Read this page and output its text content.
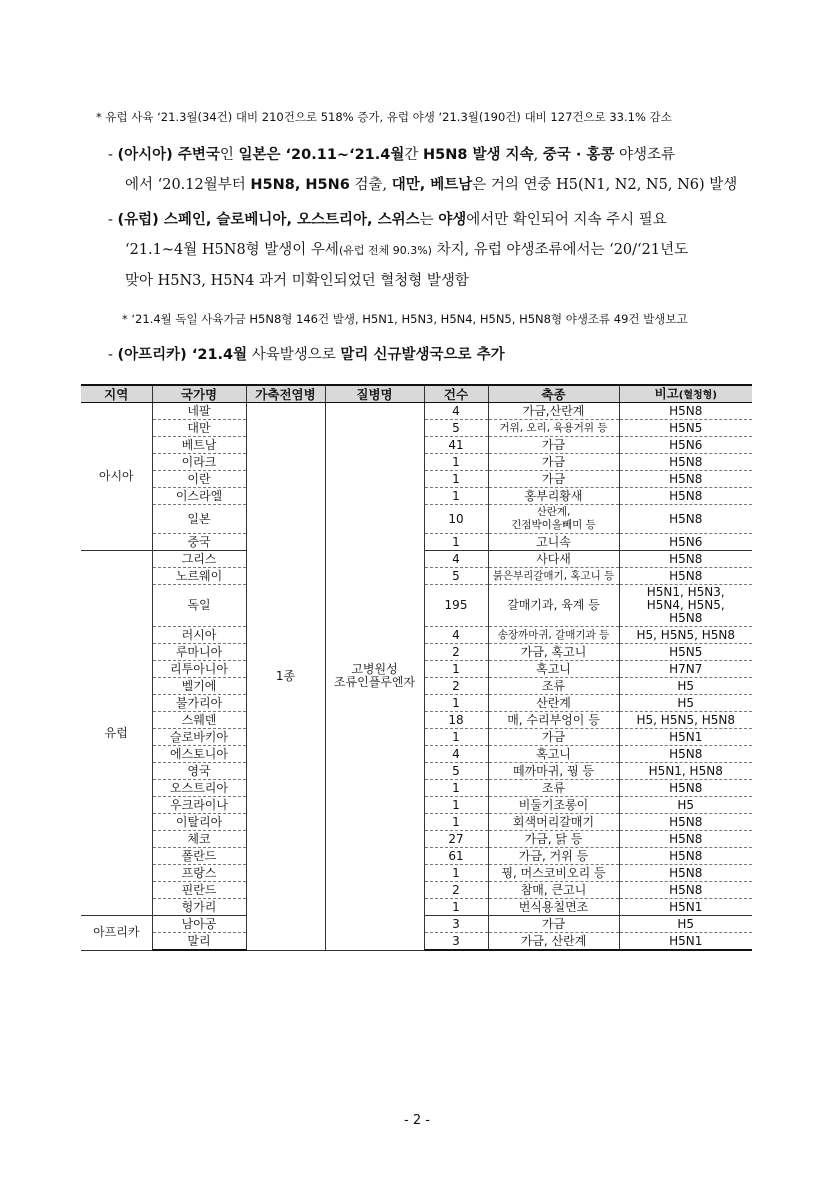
* 유럽 사육 ‘21.3월(34건) 대비 210건으로 518% 증가, 유럽 야생 ‘21.3월(190건) 대비 127건으로 33.1% 감소
- (아시아) 주변국인 일본은 ‘20.11~‘21.4월간 H5N8 발생 지속, 중국 · 홍콩 야생조류
에서 ‘20.12월부터 H5N8, H5N6 검출, 대만, 베트남은 거의 연중 H5(N1, N2, N5, N6) 발생
- (유럽) 스페인, 슬로베니아, 오스트리아, 스위스는 야생에서만 확인되어 지속 주시 필요
‘21.1~4월 H5N8형 발생이 우세(유럽 전체 90.3%) 차지, 유럽 야생조류에서는 ‘20/‘21년도
맞아 H5N3, H5N4 과거 미확인되었던 혈청형 발생함
* ‘21.4월 독일 사육가금 H5N8형 146건 발생, H5N1, H5N3, H5N4, H5N5, H5N8형 야생조류 49건 발생보고
- (아프리카) ‘21.4월 사육발생으로 말리 신규발생국으로 추가
지역	국가명	가축전염병	질병명	건수	축종	비고(혈청형)
아시아	네팔	1종	고병원성
조류인플루엔자	4	가금,산란계	H5N8
	대만			5	거위, 오리, 육용거위 등	H5N5
	베트남			41	가금	H5N6
	이라크			1	가금	H5N8
	이란			1	가금	H5N8
	이스라엘			1	홍부리황새	H5N8
	일본			10	산란계,
긴점박이올빼미 등	H5N8
	중국			1	고니속	H5N6
유럽	그리스			4	사다새	H5N8
	노르웨이			5	붉은부리갈매기, 혹고니 등	H5N8
	독일			195	갈매기과, 육계 등	H5N1, H5N3,
H5N4, H5N5,
H5N8
	러시아			4	송장까마귀, 갈매기과 등	H5, H5N5, H5N8
	루마니아			2	가금, 혹고니	H5N5
	리투아니아			1	혹고니	H7N7
	벨기에			2	조류	H5
	불가리아			1	산란계	H5
	스웨덴			18	매, 수리부엉이 등	H5, H5N5, H5N8
	슬로바키아			1	가금	H5N1
	에스토니아			4	혹고니	H5N8
	영국			5	떼까마귀, 꿩 등	H5N1, H5N8
	오스트리아			1	조류	H5N8
	우크라이나			1	비둘기조롱이	H5
	이탈리아			1	회색머리갈매기	H5N8
	체코			27	가금, 닭 등	H5N8
	폴란드			61	가금, 거위 등	H5N8
	프랑스			1	꿩, 머스코비오리 등	H5N8
	핀란드			2	참매, 큰고니	H5N8
	헝가리			1	번식용칠면조	H5N1
아프리카	남아공			3	가금	H5
	말리			3	가금, 산란계	H5N1
- 2 -
